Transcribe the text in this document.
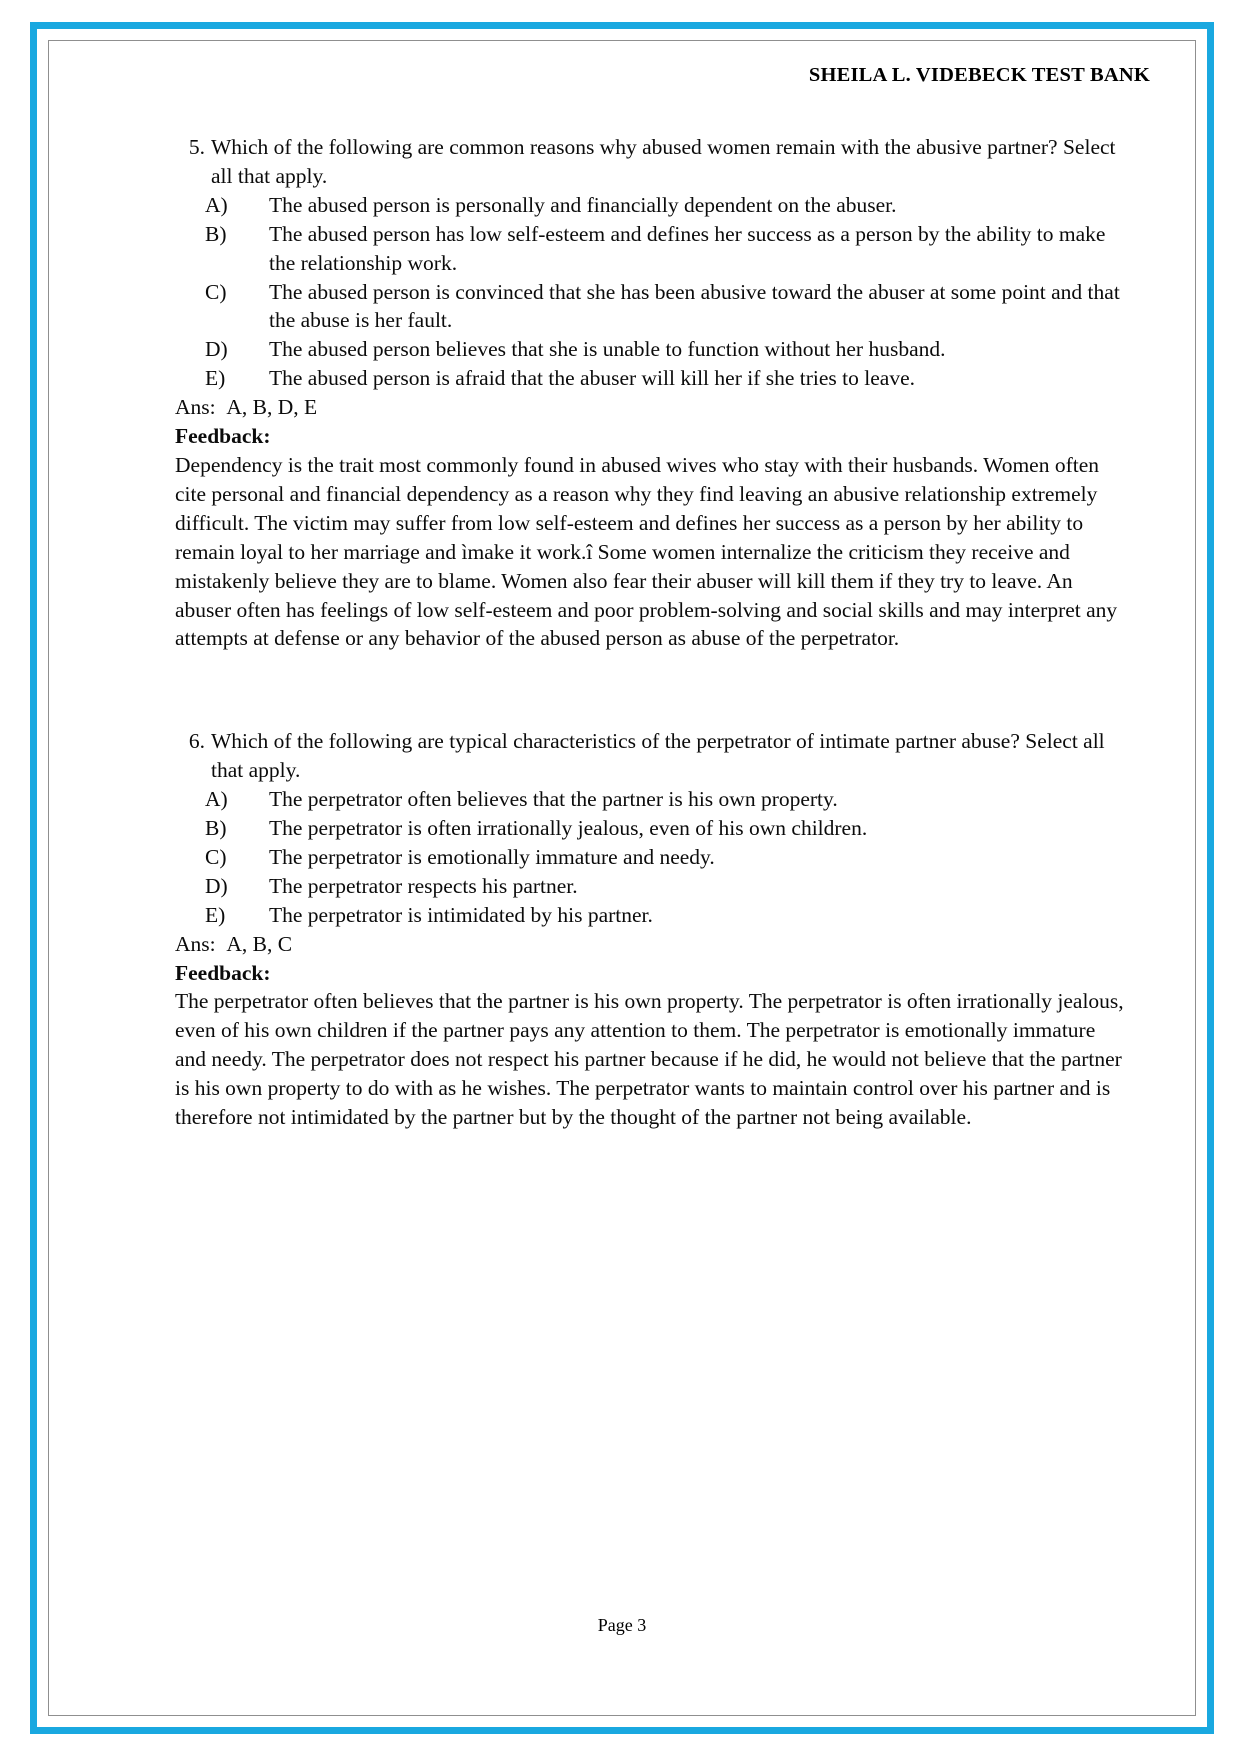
SHEILA L. VIDEBECK TEST BANK
5. Which of the following are common reasons why abused women remain with the abusive partner? Select all that apply.
A)	The abused person is personally and financially dependent on the abuser.
B)	The abused person has low self-esteem and defines her success as a person by the ability to make the relationship work.
C)	The abused person is convinced that she has been abusive toward the abuser at some point and that the abuse is her fault.
D)	The abused person believes that she is unable to function without her husband.
E)	The abused person is afraid that the abuser will kill her if she tries to leave.
Ans: A, B, D, E
Feedback:
Dependency is the trait most commonly found in abused wives who stay with their husbands. Women often cite personal and financial dependency as a reason why they find leaving an abusive relationship extremely difficult. The victim may suffer from low self-esteem and defines her success as a person by her ability to remain loyal to her marriage and ìmake it work.î Some women internalize the criticism they receive and mistakenly believe they are to blame. Women also fear their abuser will kill them if they try to leave. An abuser often has feelings of low self-esteem and poor problem-solving and social skills and may interpret any attempts at defense or any behavior of the abused person as abuse of the perpetrator.
6. Which of the following are typical characteristics of the perpetrator of intimate partner abuse? Select all that apply.
A)	The perpetrator often believes that the partner is his own property.
B)	The perpetrator is often irrationally jealous, even of his own children.
C)	The perpetrator is emotionally immature and needy.
D)	The perpetrator respects his partner.
E)	The perpetrator is intimidated by his partner.
Ans: A, B, C
Feedback:
The perpetrator often believes that the partner is his own property. The perpetrator is often irrationally jealous, even of his own children if the partner pays any attention to them. The perpetrator is emotionally immature and needy. The perpetrator does not respect his partner because if he did, he would not believe that the partner is his own property to do with as he wishes. The perpetrator wants to maintain control over his partner and is therefore not intimidated by the partner but by the thought of the partner not being available.
Page 3
